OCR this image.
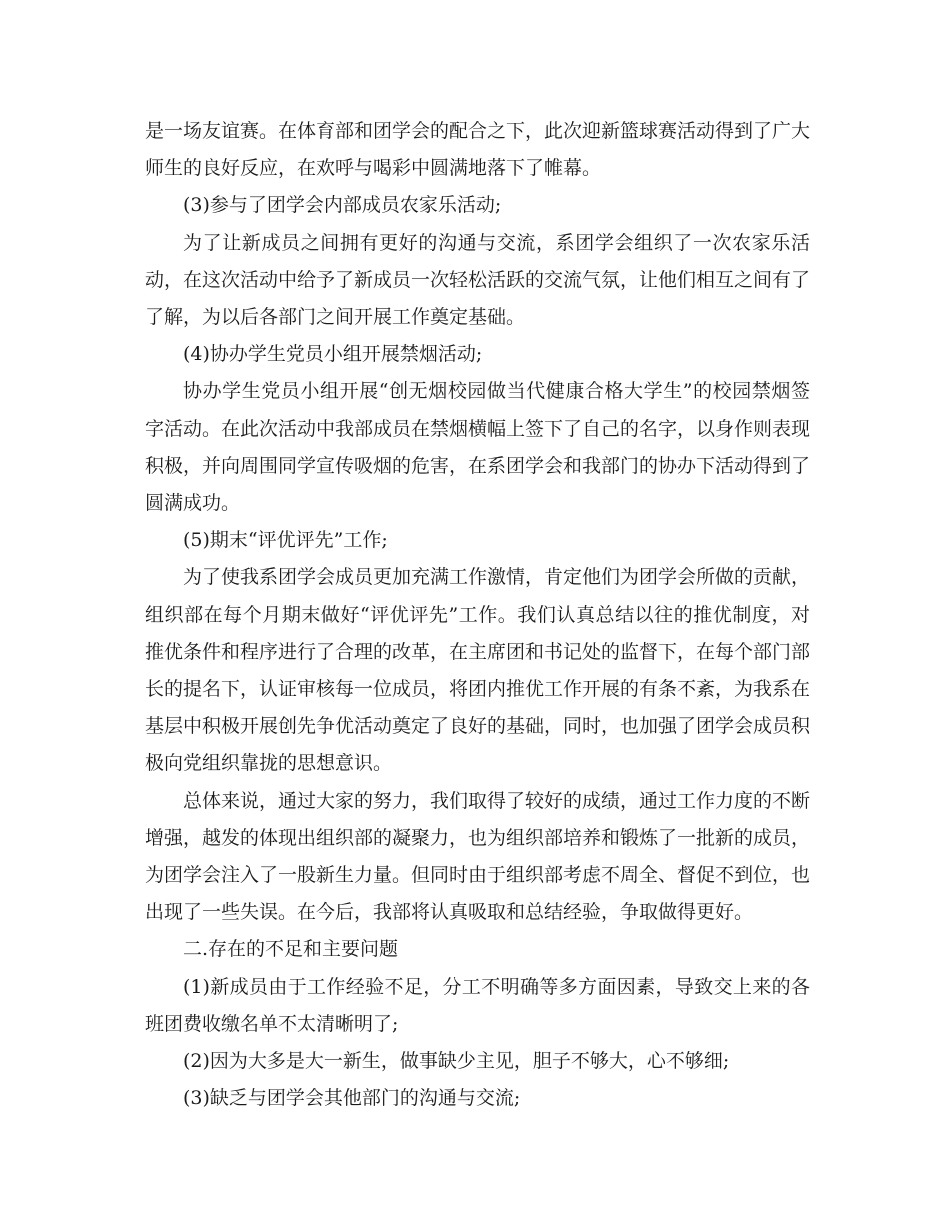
是一场友谊赛。在体育部和团学会的配合之下，此次迎新篮球赛活动得到了广大师生的良好反应，在欢呼与喝彩中圆满地落下了帷幕。

(3)参与了团学会内部成员农家乐活动;

为了让新成员之间拥有更好的沟通与交流，系团学会组织了一次农家乐活动，在这次活动中给予了新成员一次轻松活跃的交流气氛，让他们相互之间有了了解，为以后各部门之间开展工作奠定基础。

(4)协办学生党员小组开展禁烟活动;

协办学生党员小组开展“创无烟校园做当代健康合格大学生”的校园禁烟签字活动。在此次活动中我部成员在禁烟横幅上签下了自己的名字，以身作则表现积极，并向周围同学宣传吸烟的危害，在系团学会和我部门的协办下活动得到了圆满成功。

(5)期末“评优评先”工作;

为了使我系团学会成员更加充满工作激情，肯定他们为团学会所做的贡献，组织部在每个月期末做好“评优评先”工作。我们认真总结以往的推优制度，对推优条件和程序进行了合理的改革，在主席团和书记处的监督下，在每个部门部长的提名下，认证审核每一位成员，将团内推优工作开展的有条不紊，为我系在基层中积极开展创先争优活动奠定了良好的基础，同时，也加强了团学会成员积极向党组织靠拢的思想意识。

总体来说，通过大家的努力，我们取得了较好的成绩，通过工作力度的不断增强，越发的体现出组织部的凝聚力，也为组织部培养和锻炼了一批新的成员，为团学会注入了一股新生力量。但同时由于组织部考虑不周全、督促不到位，也出现了一些失误。在今后，我部将认真吸取和总结经验，争取做得更好。

二.存在的不足和主要问题

(1)新成员由于工作经验不足，分工不明确等多方面因素，导致交上来的各班团费收缴名单不太清晰明了;

(2)因为大多是大一新生，做事缺少主见，胆子不够大，心不够细;

(3)缺乏与团学会其他部门的沟通与交流;
